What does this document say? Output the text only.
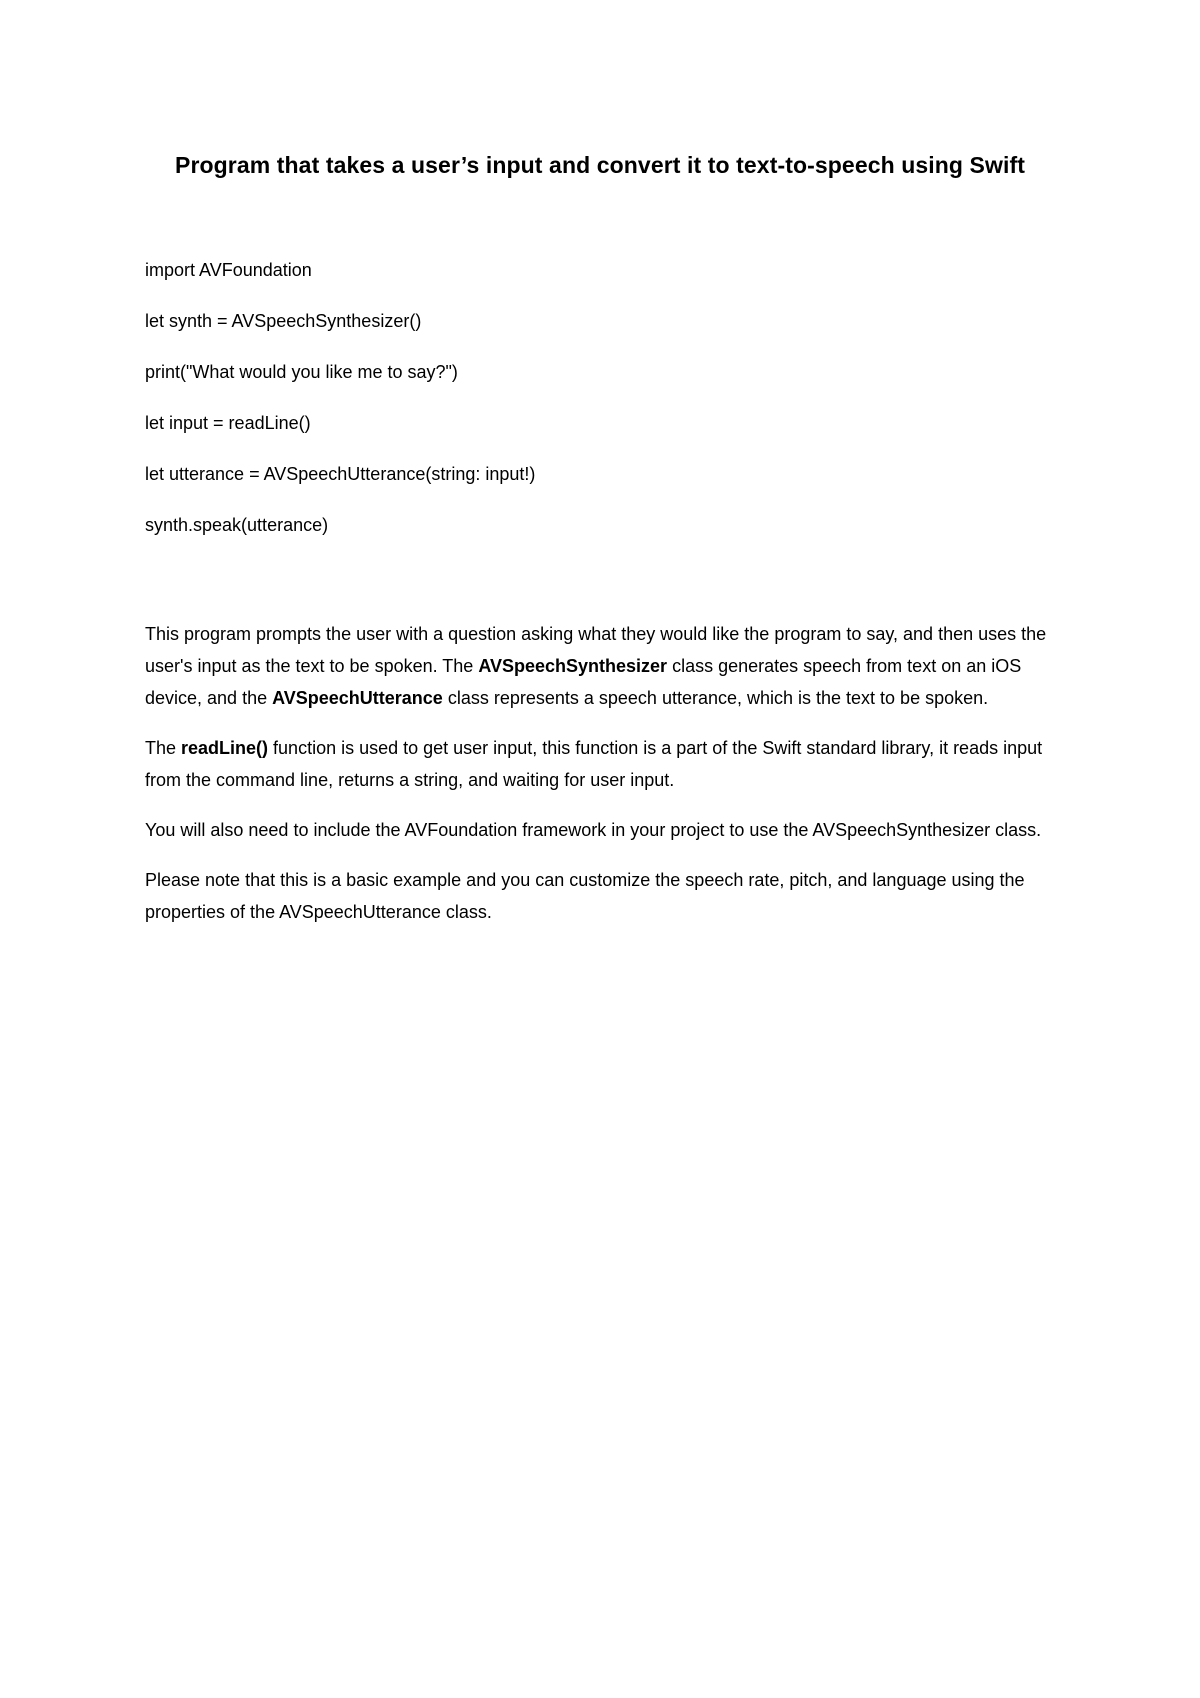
Program that takes a user’s input and convert it to text-to-speech using Swift
import AVFoundation
let synth = AVSpeechSynthesizer()
print("What would you like me to say?")
let input = readLine()
let utterance = AVSpeechUtterance(string: input!)
synth.speak(utterance)

This program prompts the user with a question asking what they would like the program to say, and then uses the user's input as the text to be spoken. The AVSpeechSynthesizer class generates speech from text on an iOS device, and the AVSpeechUtterance class represents a speech utterance, which is the text to be spoken.

The readLine() function is used to get user input, this function is a part of the Swift standard library, it reads input from the command line, returns a string, and waiting for user input.

You will also need to include the AVFoundation framework in your project to use the AVSpeechSynthesizer class.

Please note that this is a basic example and you can customize the speech rate, pitch, and language using the properties of the AVSpeechUtterance class.
